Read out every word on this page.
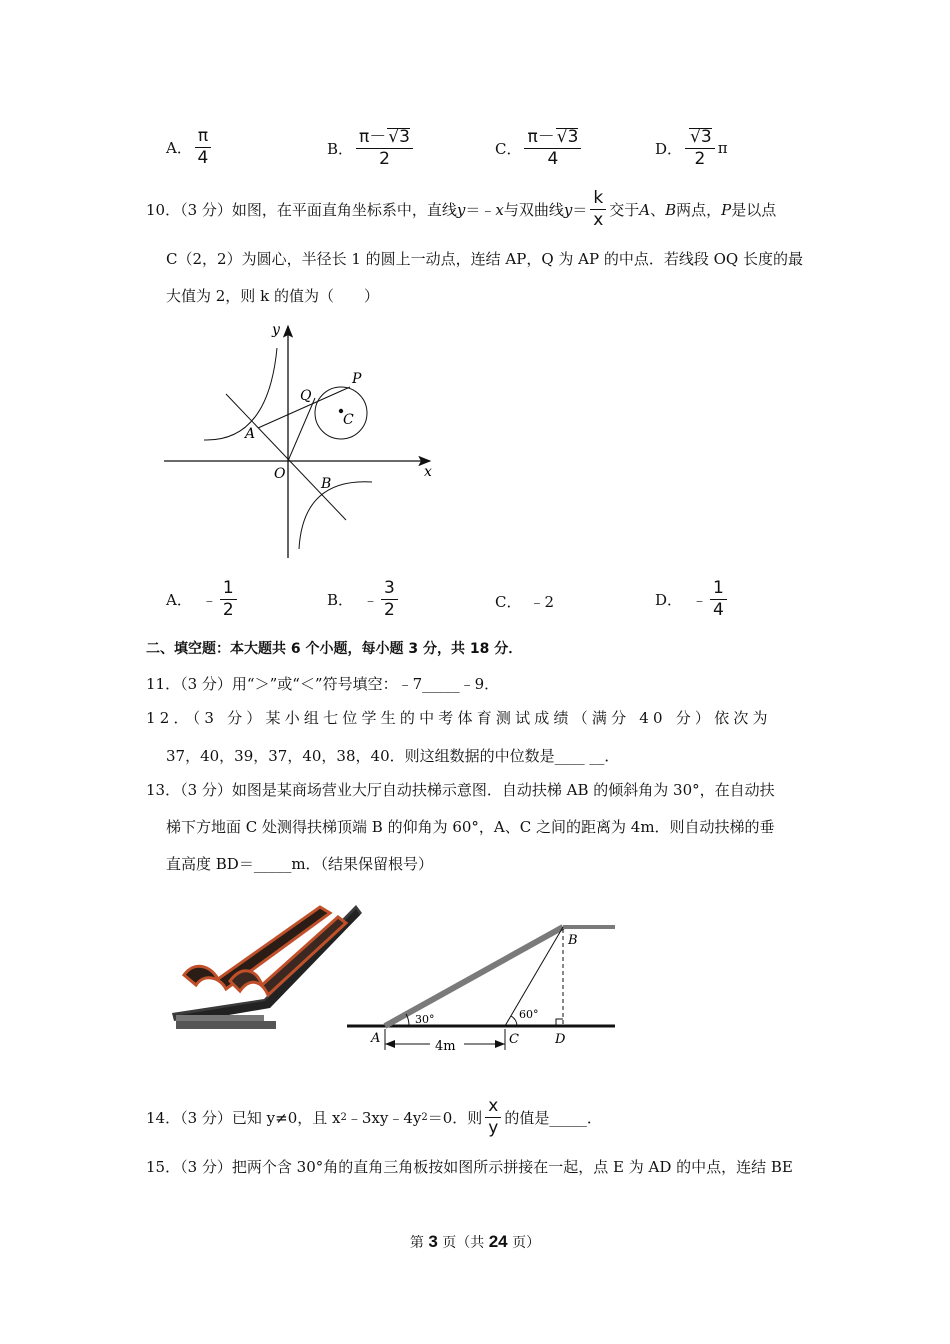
A． $\frac{\pi}{4}$	B． $\frac{\pi- √3}{2}$	C． $\frac{\pi- √3}{4}$	D． $\frac{√3}{2}$ π
10．（3 分）如图，在平面直角坐标系中，直线 y ＝﹣ x 与双曲线 $y = \frac{k}{x}$ 交于 A 、 B 两点， P 是以点
C（2，2）为圆心，半径长 1 的圆上一动点，连结 AP，Q 为 AP 的中点．若线段 OQ 长度的最
大值为 2，则 k 的值为（　　）
y
x
O
A
B
P
Q
C
A． ﹣ $\frac{1}{2}$	B． ﹣ $\frac{3}{2}$	C． ﹣2	D． ﹣ $\frac{1}{4}$
二、填空题：本大题共 6 个小题，每小题 3 分，共 18 分．
11．（3 分）用“＞”或“＜”符号填空：﹣7_____﹣9．
12．（3 分）某小组七位学生的中考体育测试成绩（满分 40 分）依次为
37，40，39，37，40，38，40．则这组数据的中位数是____ __．
13．（3 分）如图是某商场营业大厅自动扶梯示意图．自动扶梯 AB 的倾斜角为 30°，在自动扶
梯下方地面 C 处测得扶梯顶端 B 的仰角为 60°，A、C 之间的距离为 4m．则自动扶梯的垂
直高度 BD＝_____m．（结果保留根号）
4m
30°	60°
A	C	D
B
14．（3 分）已知 y≠0，且 x 2 ﹣3xy﹣4y 2 ＝0．则 $\frac{x}{y}$ 的值是_____．
15．（3 分）把两个含 30°角的直角三角板按如图所示拼接在一起，点 E 为 AD 的中点，连结 BE
第 3 页（共 24 页）
